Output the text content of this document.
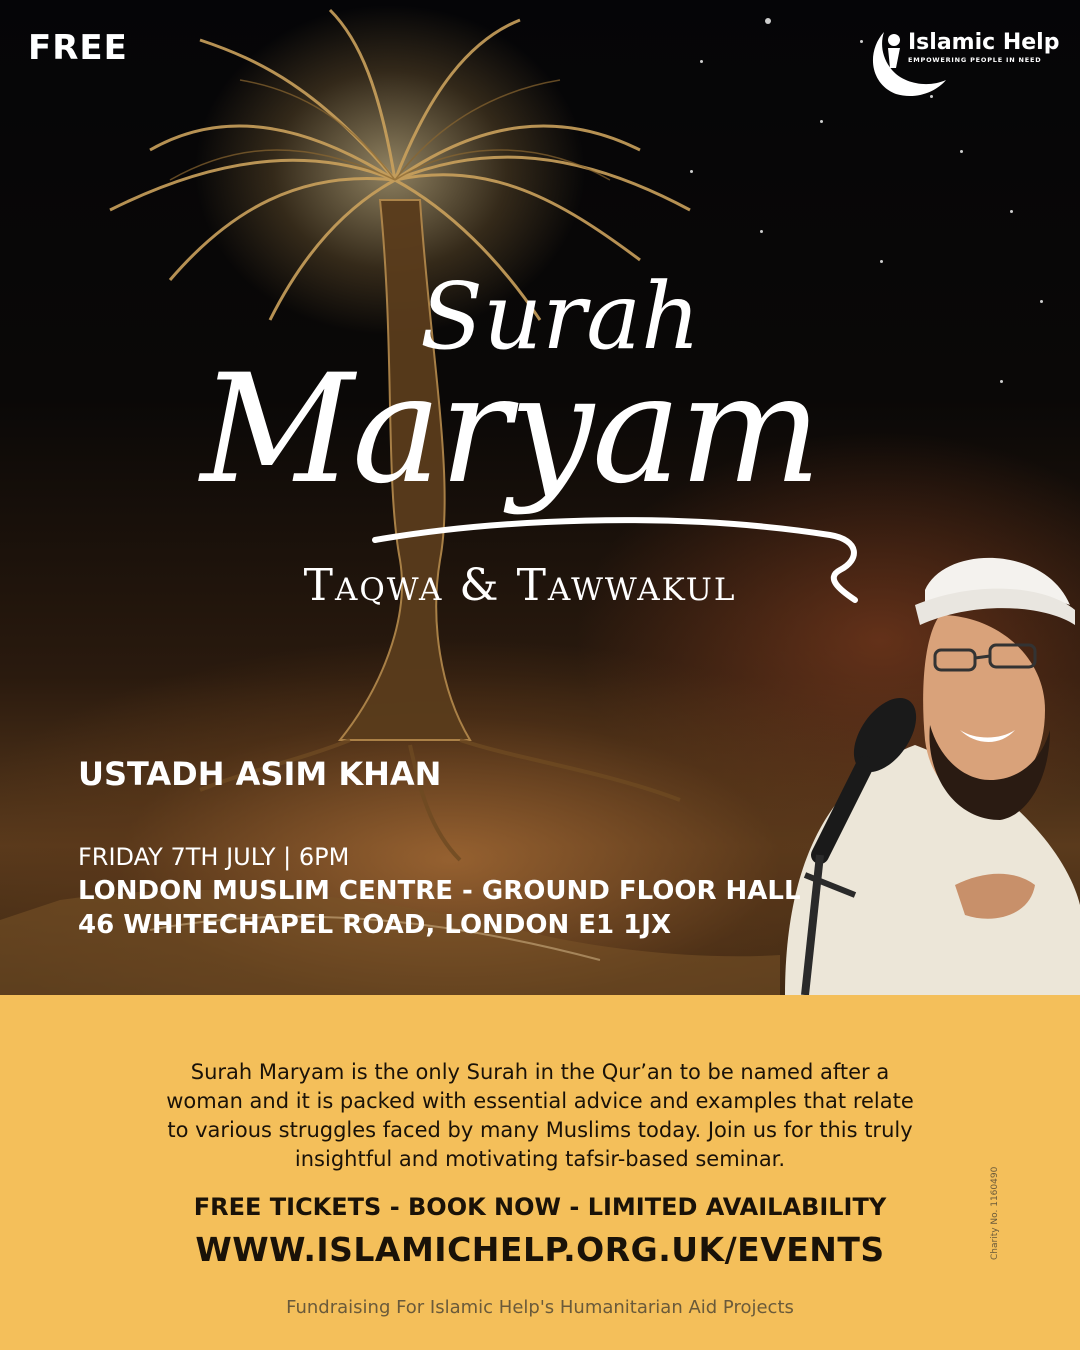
FREE	Islamic Help
EMPOWERING PEOPLE IN NEED
Surah
Maryam
Taqwa & Tawwakul
USTADH ASIM KHAN
FRIDAY 7TH JULY | 6PM
LONDON MUSLIM CENTRE - GROUND FLOOR HALL
46 WHITECHAPEL ROAD, LONDON E1 1JX
Surah Maryam is the only Surah in the Qur’an to be named after a woman and it is packed with essential advice and examples that relate to various struggles faced by many Muslims today. Join us for this truly insightful and motivating tafsir-based seminar.
FREE TICKETS - BOOK NOW - LIMITED AVAILABILITY
WWW.ISLAMICHELP.ORG.UK/EVENTS
Fundraising For Islamic Help's Humanitarian Aid Projects
Charity No. 1160490
